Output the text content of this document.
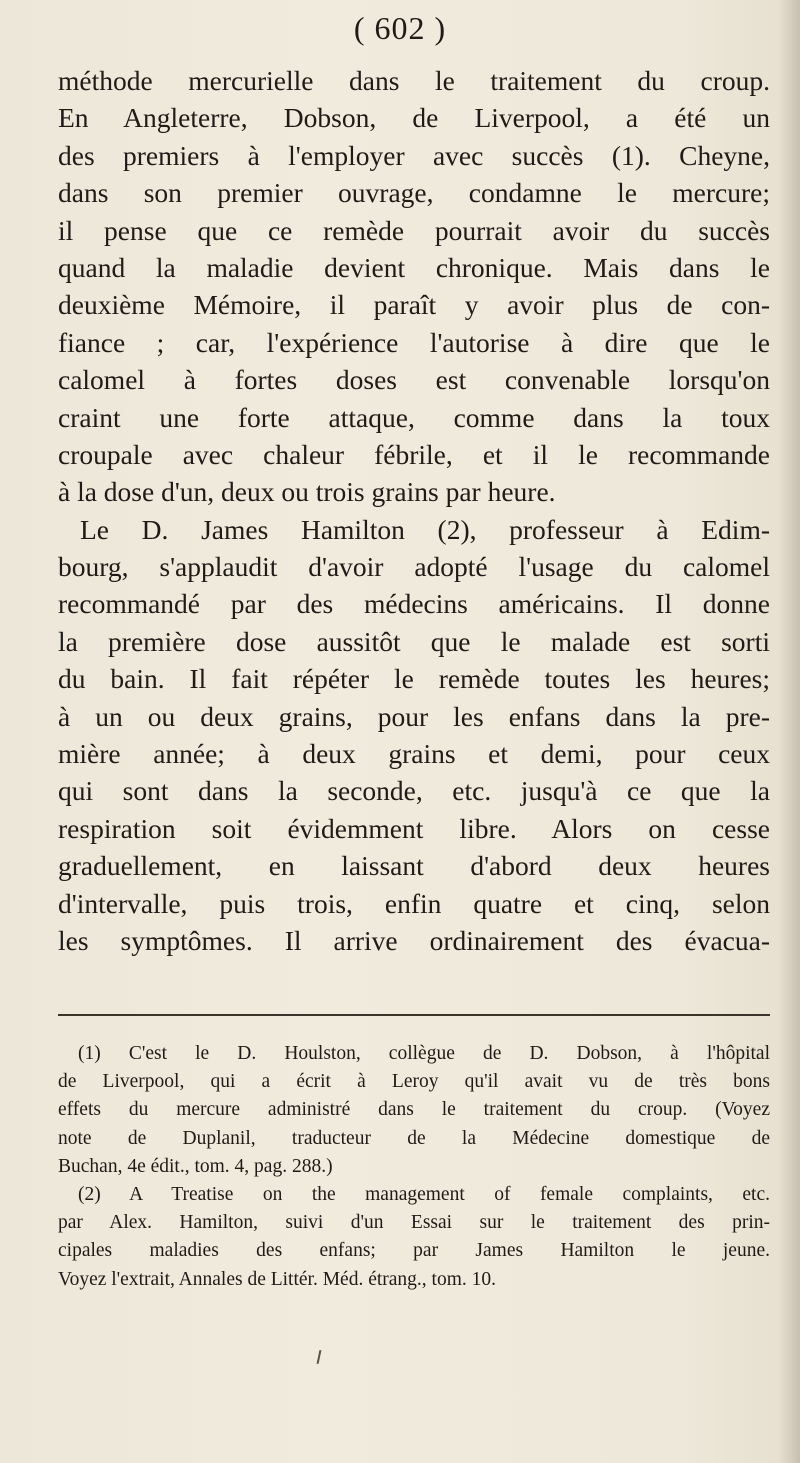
( 602 )
méthode mercurielle dans le traitement du croup.
En Angleterre, Dobson, de Liverpool, a été un
des premiers à l'employer avec succès (1). Cheyne,
dans son premier ouvrage, condamne le mercure;
il pense que ce remède pourrait avoir du succès
quand la maladie devient chronique. Mais dans le
deuxième Mémoire, il paraît y avoir plus de con-
fiance ; car, l'expérience l'autorise à dire que le
calomel à fortes doses est convenable lorsqu'on
craint une forte attaque, comme dans la toux
croupale avec chaleur fébrile, et il le recommande
à la dose d'un, deux ou trois grains par heure.
Le D. James Hamilton (2), professeur à Edim-
bourg, s'applaudit d'avoir adopté l'usage du calomel
recommandé par des médecins américains. Il donne
la première dose aussitôt que le malade est sorti
du bain. Il fait répéter le remède toutes les heures;
à un ou deux grains, pour les enfans dans la pre-
mière année; à deux grains et demi, pour ceux
qui sont dans la seconde, etc. jusqu'à ce que la
respiration soit évidemment libre. Alors on cesse
graduellement, en laissant d'abord deux heures
d'intervalle, puis trois, enfin quatre et cinq, selon
les symptômes. Il arrive ordinairement des évacua-
(1) C'est le D. Houlston, collègue de D. Dobson, à l'hôpital
de Liverpool, qui a écrit à Leroy qu'il avait vu de très bons
effets du mercure administré dans le traitement du croup. (Voyez
note de Duplanil, traducteur de la Médecine domestique de
Buchan, 4e édit., tom. 4, pag. 288.)
(2) A Treatise on the management of female complaints, etc.
par Alex. Hamilton, suivi d'un Essai sur le traitement des prin-
cipales maladies des enfans; par James Hamilton le jeune.
Voyez l'extrait, Annales de Littér. Méd. étrang., tom. 10.
